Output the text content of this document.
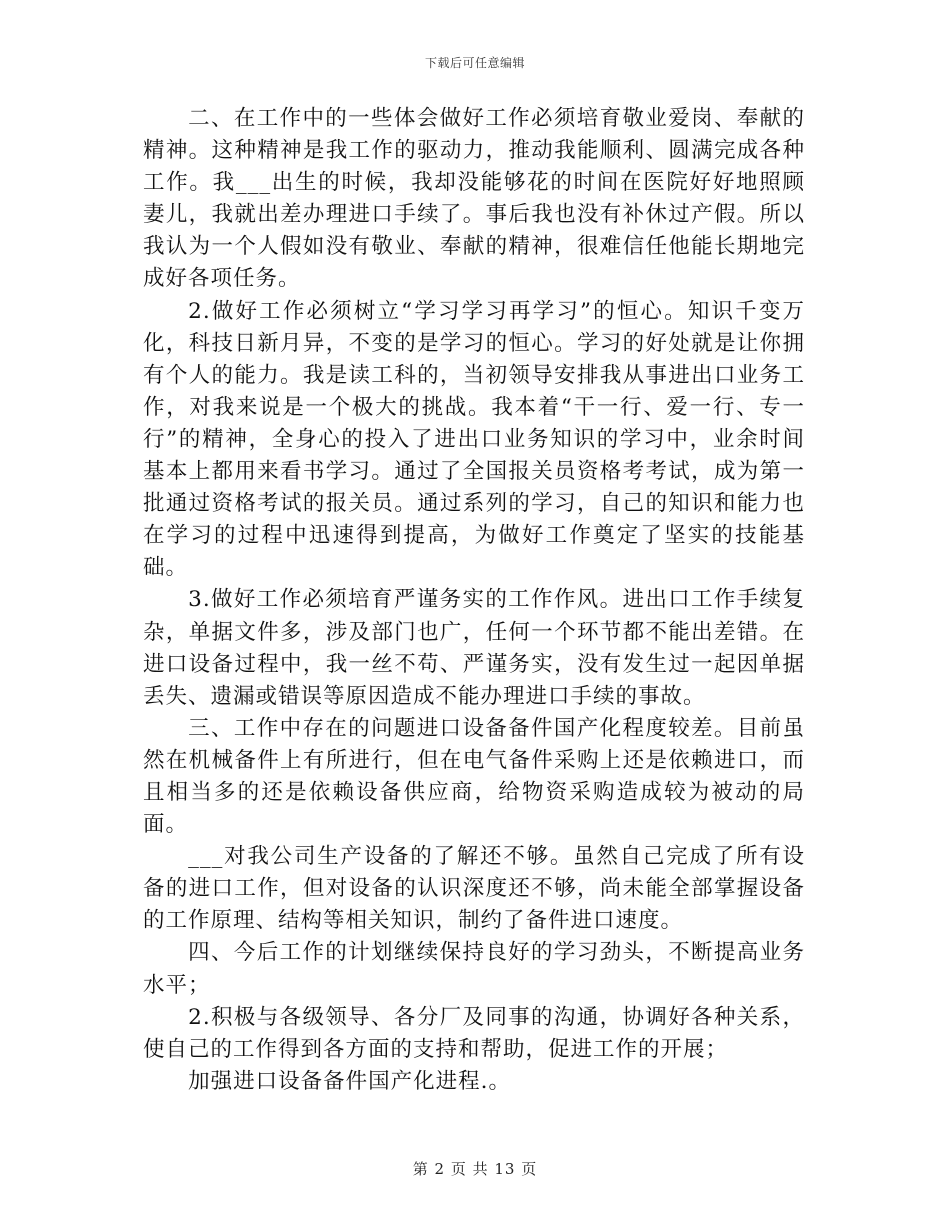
下载后可任意编辑

二、在工作中的一些体会做好工作必须培育敬业爱岗、奉献的精神。这种精神是我工作的驱动力，推动我能顺利、圆满完成各种工作。我___出生的时候，我却没能够花的时间在医院好好地照顾妻儿，我就出差办理进口手续了。事后我也没有补休过产假。所以我认为一个人假如没有敬业、奉献的精神，很难信任他能长期地完成好各项任务。

2.做好工作必须树立“学习学习再学习”的恒心。知识千变万化，科技日新月异，不变的是学习的恒心。学习的好处就是让你拥有个人的能力。我是读工科的，当初领导安排我从事进出口业务工作，对我来说是一个极大的挑战。我本着“干一行、爱一行、专一行”的精神，全身心的投入了进出口业务知识的学习中，业余时间基本上都用来看书学习。通过了全国报关员资格考考试，成为第一批通过资格考试的报关员。通过系列的学习，自己的知识和能力也在学习的过程中迅速得到提高，为做好工作奠定了坚实的技能基础。

3.做好工作必须培育严谨务实的工作作风。进出口工作手续复杂，单据文件多，涉及部门也广，任何一个环节都不能出差错。在进口设备过程中，我一丝不苟、严谨务实，没有发生过一起因单据丢失、遗漏或错误等原因造成不能办理进口手续的事故。

三、工作中存在的问题进口设备备件国产化程度较差。目前虽然在机械备件上有所进行，但在电气备件采购上还是依赖进口，而且相当多的还是依赖设备供应商，给物资采购造成较为被动的局面。

___对我公司生产设备的了解还不够。虽然自己完成了所有设备的进口工作，但对设备的认识深度还不够，尚未能全部掌握设备的工作原理、结构等相关知识，制约了备件进口速度。

四、今后工作的计划继续保持良好的学习劲头，不断提高业务水平；

2.积极与各级领导、各分厂及同事的沟通，协调好各种关系，使自己的工作得到各方面的支持和帮助，促进工作的开展；

加强进口设备备件国产化进程.。

第 2 页 共 13 页
